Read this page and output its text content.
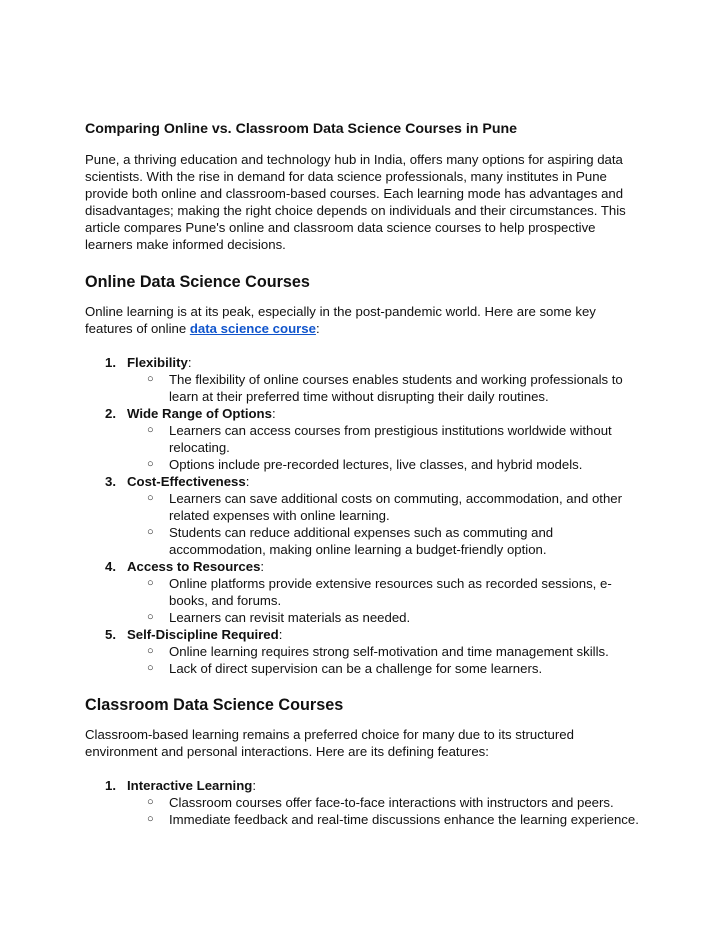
Comparing Online vs. Classroom Data Science Courses in Pune

Pune, a thriving education and technology hub in India, offers many options for aspiring data scientists. With the rise in demand for data science professionals, many institutes in Pune provide both online and classroom-based courses. Each learning mode has advantages and disadvantages; making the right choice depends on individuals and their circumstances. This article compares Pune's online and classroom data science courses to help prospective learners make informed decisions.

Online Data Science Courses

Online learning is at its peak, especially in the post-pandemic world. Here are some key features of online data science course:

1. Flexibility:
○ The flexibility of online courses enables students and working professionals to learn at their preferred time without disrupting their daily routines.
2. Wide Range of Options:
○ Learners can access courses from prestigious institutions worldwide without relocating.
○ Options include pre-recorded lectures, live classes, and hybrid models.
3. Cost-Effectiveness:
○ Learners can save additional costs on commuting, accommodation, and other related expenses with online learning.
○ Students can reduce additional expenses such as commuting and accommodation, making online learning a budget-friendly option.
4. Access to Resources:
○ Online platforms provide extensive resources such as recorded sessions, e-books, and forums.
○ Learners can revisit materials as needed.
5. Self-Discipline Required:
○ Online learning requires strong self-motivation and time management skills.
○ Lack of direct supervision can be a challenge for some learners.
Classroom Data Science Courses

Classroom-based learning remains a preferred choice for many due to its structured environment and personal interactions. Here are its defining features:

1. Interactive Learning:
○ Classroom courses offer face-to-face interactions with instructors and peers.
○ Immediate feedback and real-time discussions enhance the learning experience.
